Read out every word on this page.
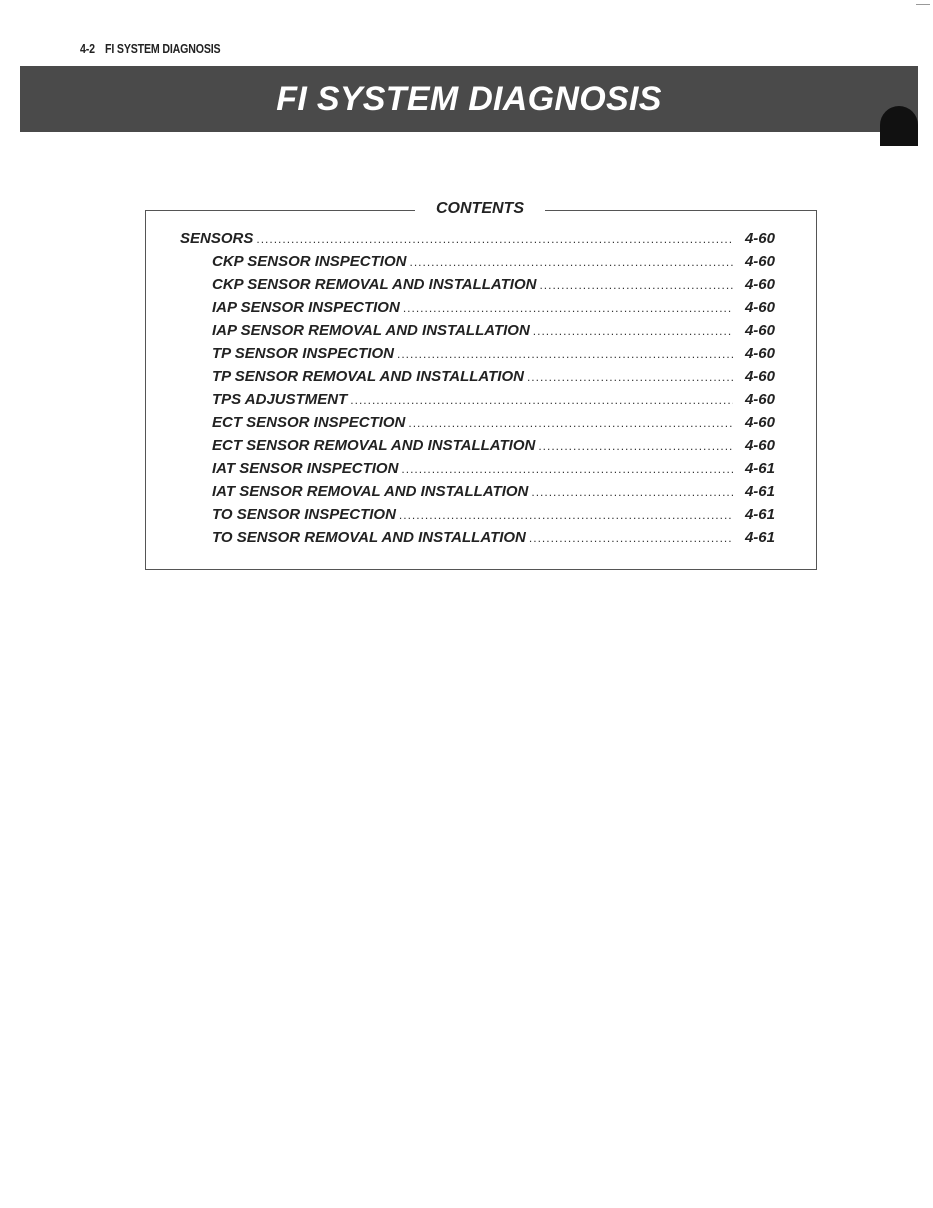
4-2 FI SYSTEM DIAGNOSIS
FI SYSTEM DIAGNOSIS
CONTENTS
SENSORS .....	4-60
CKP SENSOR INSPECTION .....	4-60
CKP SENSOR REMOVAL AND INSTALLATION .....	4-60
IAP SENSOR INSPECTION .....	4-60
IAP SENSOR REMOVAL AND INSTALLATION .....	4-60
TP SENSOR INSPECTION .....	4-60
TP SENSOR REMOVAL AND INSTALLATION .....	4-60
TPS ADJUSTMENT .....	4-60
ECT SENSOR INSPECTION .....	4-60
ECT SENSOR REMOVAL AND INSTALLATION .....	4-60
IAT SENSOR INSPECTION .....	4-61
IAT SENSOR REMOVAL AND INSTALLATION .....	4-61
TO SENSOR INSPECTION .....	4-61
TO SENSOR REMOVAL AND INSTALLATION .....	4-61
